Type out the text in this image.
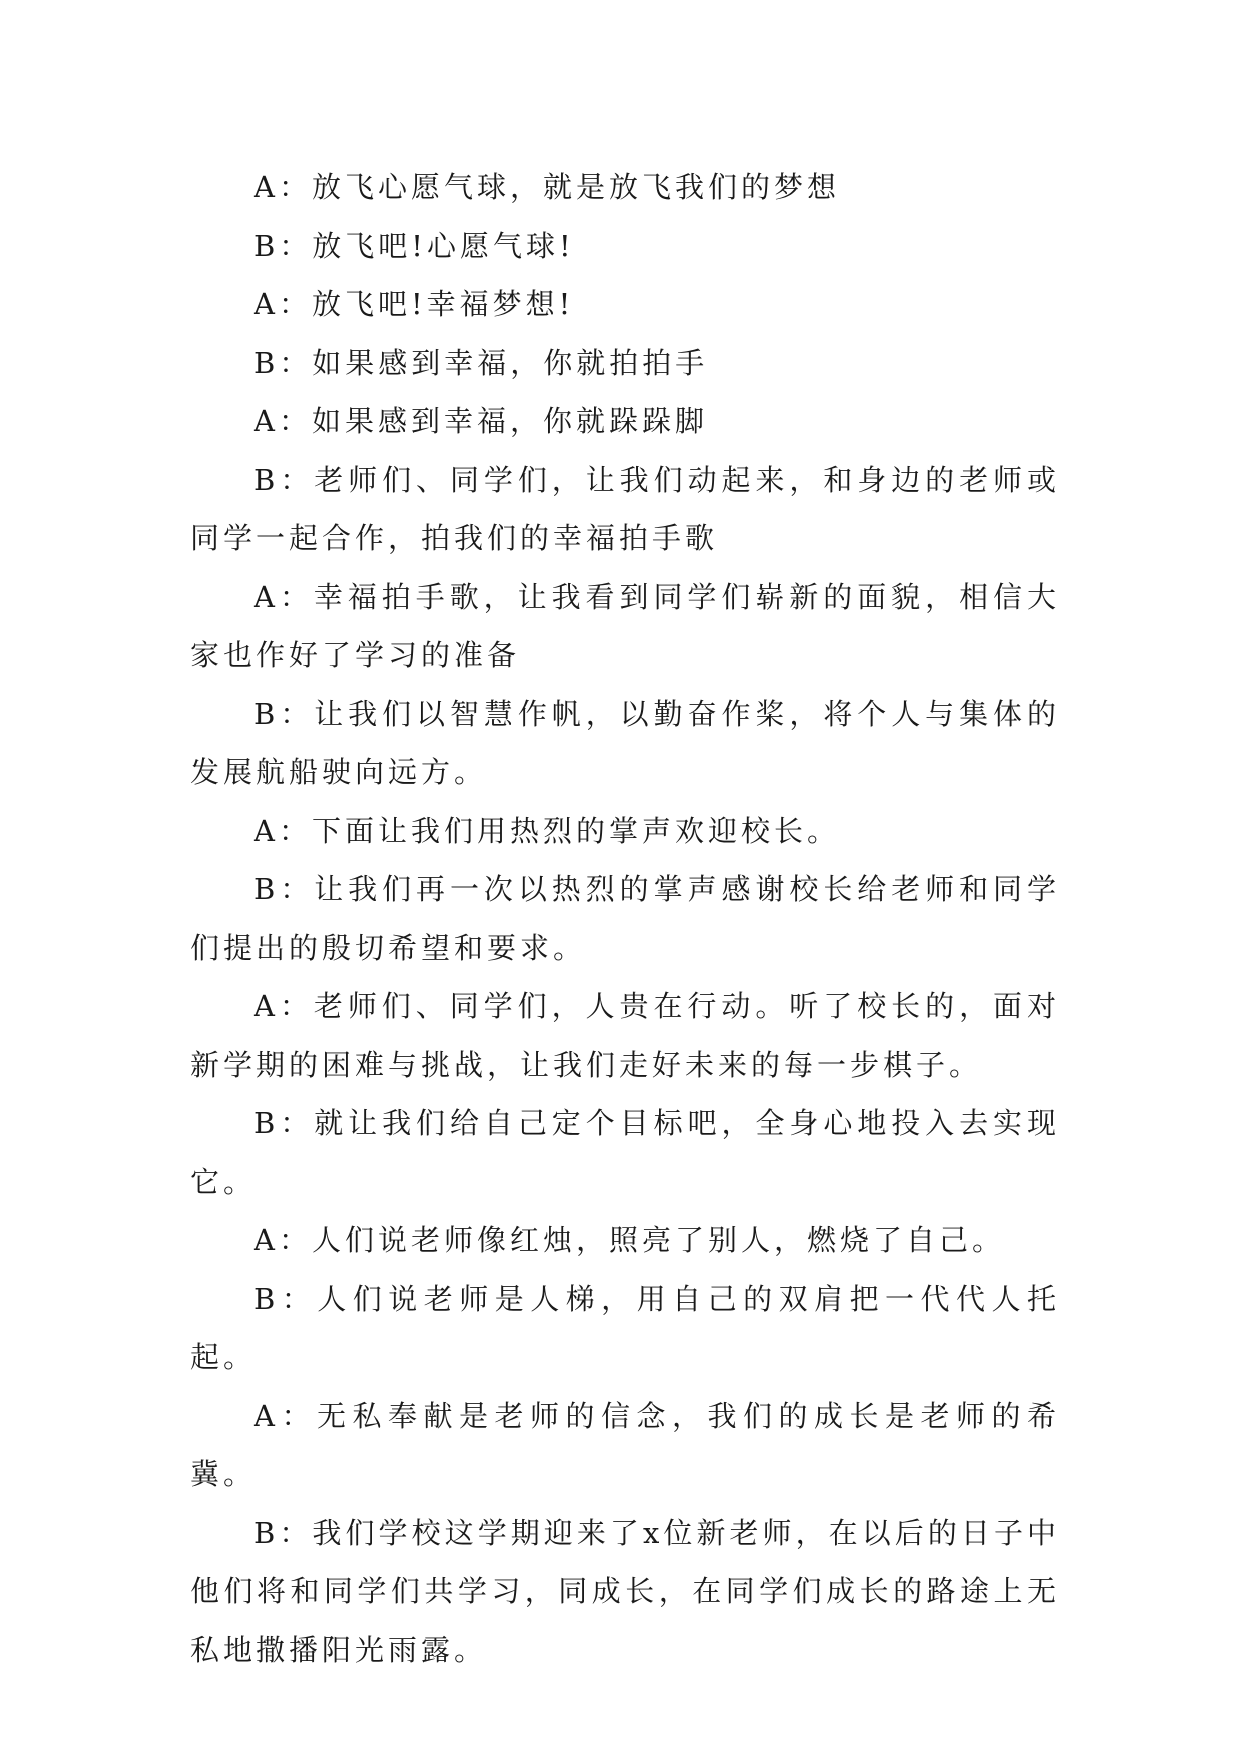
A：放飞心愿气球，就是放飞我们的梦想

B：放飞吧!心愿气球!

A：放飞吧!幸福梦想!

B：如果感到幸福，你就拍拍手

A：如果感到幸福，你就跺跺脚

B：老师们、同学们，让我们动起来，和身边的老师或同学一起合作，拍我们的幸福拍手歌

A：幸福拍手歌，让我看到同学们崭新的面貌，相信大家也作好了学习的准备

B：让我们以智慧作帆，以勤奋作桨，将个人与集体的发展航船驶向远方。

A：下面让我们用热烈的掌声欢迎校长。

B：让我们再一次以热烈的掌声感谢校长给老师和同学们提出的殷切希望和要求。

A：老师们、同学们，人贵在行动。听了校长的，面对新学期的困难与挑战，让我们走好未来的每一步棋子。

B：就让我们给自己定个目标吧，全身心地投入去实现它。

A：人们说老师像红烛，照亮了别人，燃烧了自己。

B：人们说老师是人梯，用自己的双肩把一代代人托起。

A：无私奉献是老师的信念，我们的成长是老师的希冀。

B：我们学校这学期迎来了x位新老师，在以后的日子中他们将和同学们共学习，同成长，在同学们成长的路途上无私地撒播阳光雨露。
